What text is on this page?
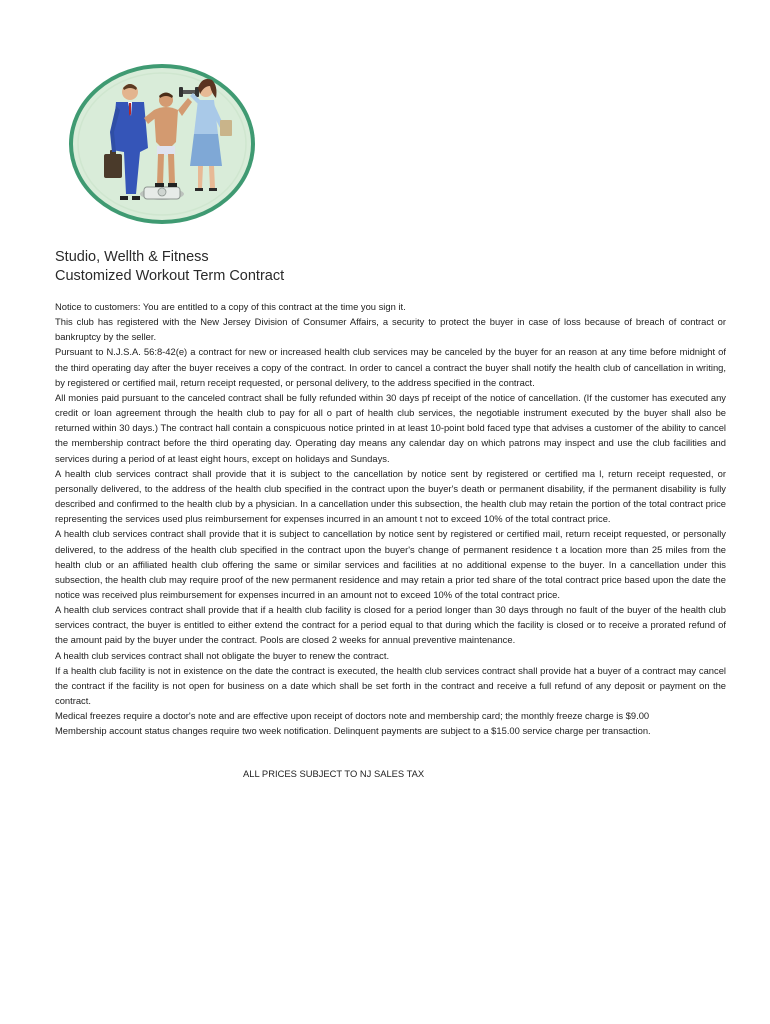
Studio, Wellth & Fitness
Customized Workout Term Contract

Notice to customers: You are entitled to a copy of this contract at the time you sign it.

This club has registered with the New Jersey Division of Consumer Affairs, a security to protect the buyer in case of loss because of breach of contract or bankruptcy by the seller.

Pursuant to N.J.S.A. 56:8-42(e) a contract for new or increased health club services may be canceled by the buyer for an reason at any time before midnight of the third operating day after the buyer receives a copy of the contract. In order to cancel a contract the buyer shall notify the health club of cancellation in writing, by registered or certified mail, return receipt requested, or personal delivery, to the address specified in the contract.

All monies paid pursuant to the canceled contract shall be fully refunded within 30 days pf receipt of the notice of cancellation. (If the customer has executed any credit or loan agreement through the health club to pay for all o part of health club services, the negotiable instrument executed by the buyer shall also be returned within 30 days.) The contract hall contain a conspicuous notice printed in at least 10-point bold faced type that advises a customer of the ability to cancel the membership contract before the third operating day. Operating day means any calendar day on which patrons may inspect and use the club facilities and services during a period of at least eight hours, except on holidays and Sundays.

A health club services contract shall provide that it is subject to the cancellation by notice sent by registered or certified ma l, return receipt requested, or personally delivered, to the address of the health club specified in the contract upon the buyer's death or permanent disability, if the permanent disability is fully described and confirmed to the health club by a physician. In a cancellation under this subsection, the health club may retain the portion of the total contract price representing the services used plus reimbursement for expenses incurred in an amount t not to exceed 10% of the total contract price.

A health club services contract shall provide that it is subject to cancellation by notice sent by registered or certified mail, return receipt requested, or personally delivered, to the address of the health club specified in the contract upon the buyer's change of permanent residence t a location more than 25 miles from the health club or an affiliated health club offering the same or similar services and facilities at no additional expense to the buyer. In a cancellation under this subsection, the health club may require proof of the new permanent residence and may retain a prior ted share of the total contract price based upon the date the notice was received plus reimbursement for expenses incurred in an amount not to exceed 10% of the total contract price.

A health club services contract shall provide that if a health club facility is closed for a period longer than 30 days through no fault of the buyer of the health club services contract, the buyer is entitled to either extend the contract for a period equal to that during which the facility is closed or to receive a prorated refund of the amount paid by the buyer under the contract. Pools are closed 2 weeks for annual preventive maintenance.

A health club services contract shall not obligate the buyer to renew the contract.

If a health club facility is not in existence on the date the contract is executed, the health club services contract shall provide hat a buyer of a contract may cancel the contract if the facility is not open for business on a date which shall be set forth in the contract and receive a full refund of any deposit or payment on the contract.

Medical freezes require a doctor's note and are effective upon receipt of doctors note and membership card; the monthly freeze charge is $9.00

Membership account status changes require two week notification. Delinquent payments are subject to a $15.00 service charge per transaction.

ALL PRICES SUBJECT TO NJ SALES TAX
